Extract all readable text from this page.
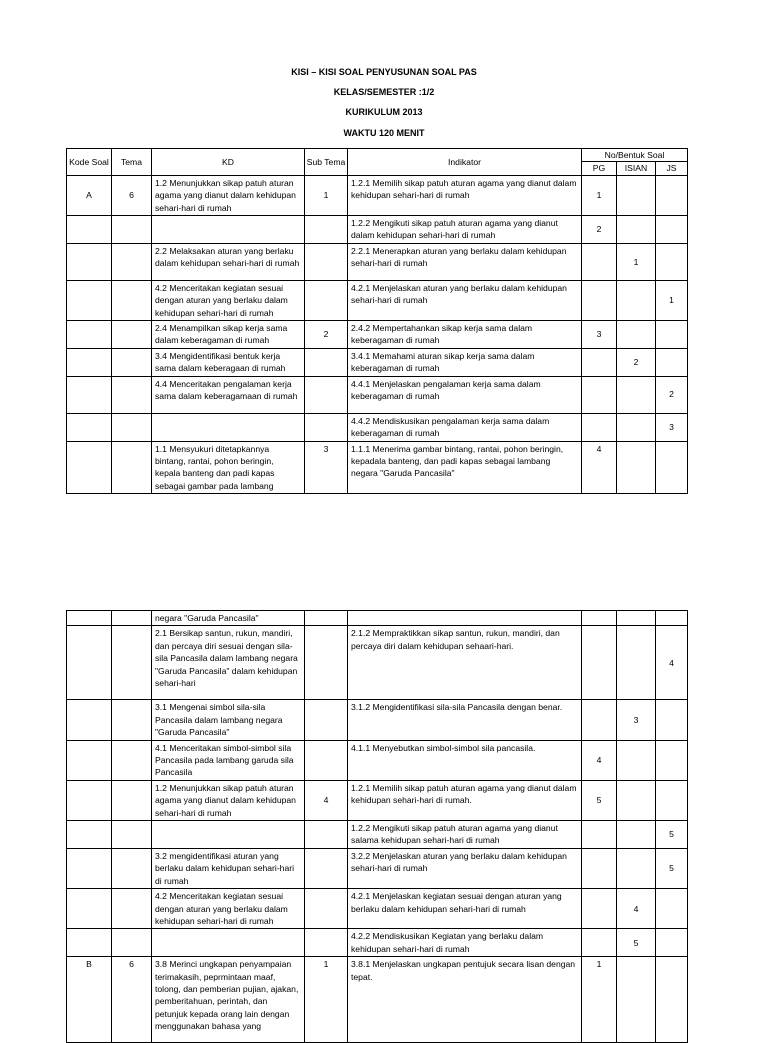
KISI – KISI SOAL PENYUSUNAN SOAL PAS
KELAS/SEMESTER :1/2
KURIKULUM 2013
WAKTU 120 MENIT
Kode Soal	Tema	KD	Sub Tema	Indikator	No/Bentuk Soal		
					PG	ISIAN	JS
A	6	1.2 Menunjukkan sikap patuh aturan agama yang dianut dalam kehidupan sehari-hari di rumah	1	1.2.1 Memilih sikap patuh aturan agama yang dianut dalam kehidupan sehari-hari di rumah	1		
				1.2.2 Mengikuti sikap patuh aturan agama yang dianut dalam kehidupan sehari-hari di rumah	2		
		2.2 Melaksakan aturan yang berlaku dalam kehidupan sehari-hari di rumah		2.2.1 Menerapkan aturan yang berlaku dalam kehidupan sehari-hari di rumah		1	
		4.2 Menceritakan kegiatan sesuai dengan aturan yang berlaku dalam kehidupan sehari-hari di rumah		4.2.1 Menjelaskan aturan yang berlaku dalam kehidupan sehari-hari di rumah			1
		2.4 Menampilkan sikap kerja sama dalam keberagaman di rumah	2	2.4.2 Mempertahankan sikap kerja sama dalam keberagaman di rumah	3		
		3.4 Mengidentifikasi bentuk kerja sama dalam keberagaan di rumah		3.4.1 Memahami aturan sikap kerja sama dalam keberagaman di rumah		2	
		4.4 Menceritakan pengalaman kerja sama dalam keberagamaan di rumah		4.4.1 Menjelaskan pengalaman kerja sama dalam keberagaman di rumah			2
				4.4.2 Mendiskusikan pengalaman kerja sama dalam keberagaman di rumah			3
		1.1 Mensyukuri ditetapkannya bintang, rantai, pohon beringin, kepala banteng dan padi kapas sebagai gambar pada lambang	3	1.1.1 Menerima gambar bintang, rantai, pohon beringin, kepadala banteng, dan padi kapas sebagai lambang negara "Garuda Pancasila"	4		
		negara "Garuda Pancasila"					
		2.1 Bersikap santun, rukun, mandiri, dan percaya diri sesuai dengan sila-sila Pancasila dalam lambang negara "Garuda Pancasila" dalam kehidupan sehari-hari		2.1.2 Mempraktikkan sikap santun, rukun, mandiri, dan percaya diri dalam kehidupan sehaari-hari.			4
		3.1 Mengenai simbol sila-sila Pancasila dalam lambang negara "Garuda Pancasila"		3.1.2 Mengidentifikasi sila-sila Pancasila dengan benar.		3	
		4.1 Menceritakan simbol-simbol sila Pancasila pada lambang garuda sila Pancasila		4.1.1 Menyebutkan simbol-simbol sila pancasila.	4		
		1.2 Menunjukkan sikap patuh aturan agama yang dianut dalam kehidupan sehari-hari di rumah	4	1.2.1 Memilih sikap patuh aturan agama yang dianut dalam kehidupan sehari-hari di rumah.	5		
				1.2.2 Mengikuti sikap patuh aturan agama yang dianut salama kehidupan sehari-hari di rumah			5
		3.2 mengidentifikasi aturan yang berlaku dalam kehidupan sehari-hari di rumah		3.2.2 Menjelaskan aturan yang berlaku dalam kehidupan sehari-hari di rumah			5
		4.2 Menceritakan kegiatan sesuai dengan aturan yang berlaku dalam kehidupan sehari-hari di rumah		4.2.1 Menjelaskan kegiatan sesuai dengan aturan yang berlaku dalam kehidupan sehari-hari di rumah		4	
				4.2.2 Mendiskusikan Kegiatan yang berlaku dalam kehidupan sehari-hari di rumah		5	
B	6	3.8 Merinci ungkapan penyampaian terimakasih, peprmintaan maaf, tolong, dan pemberian pujian, ajakan, pemberitahuan, perintah, dan petunjuk kepada orang lain dengan menggunakan bahasa yang	1	3.8.1 Menjelaskan ungkapan pentujuk secara lisan dengan tepat.	1		
